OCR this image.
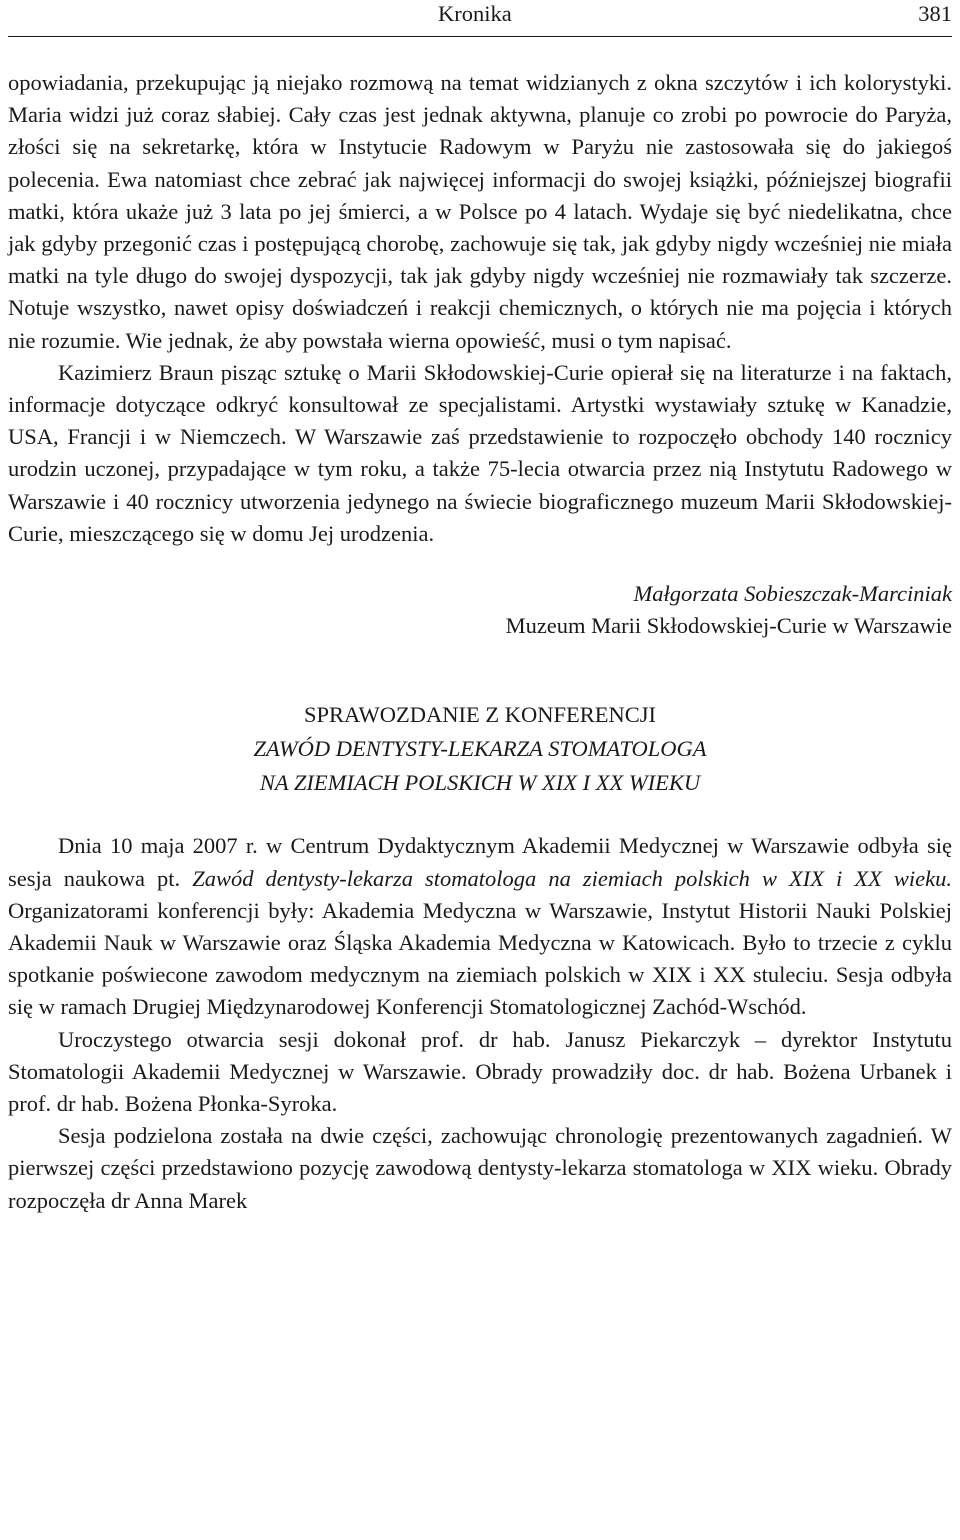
Kronika	381

opowiadania, przekupując ją niejako rozmową na temat widzianych z okna szczytów i ich kolorystyki. Maria widzi już coraz słabiej. Cały czas jest jednak aktywna, planuje co zrobi po powrocie do Paryża, złości się na sekretarkę, która w Instytucie Radowym w Paryżu nie zastosowała się do jakiegoś polecenia. Ewa natomiast chce zebrać jak najwięcej informacji do swojej książki, późniejszej biografii matki, która ukaże już 3 lata po jej śmierci, a w Polsce po 4 latach. Wydaje się być niedelikatna, chce jak gdyby przegonić czas i postępującą chorobę, zachowuje się tak, jak gdyby nigdy wcześniej nie miała matki na tyle długo do swojej dyspozycji, tak jak gdyby nigdy wcześniej nie rozmawiały tak szczerze. Notuje wszystko, nawet opisy doświadczeń i reakcji chemicznych, o których nie ma pojęcia i których nie rozumie. Wie jednak, że aby powstała wierna opowieść, musi o tym napisać.

Kazimierz Braun pisząc sztukę o Marii Skłodowskiej-Curie opierał się na literaturze i na faktach, informacje dotyczące odkryć konsultował ze specjalistami. Artystki wystawiały sztukę w Kanadzie, USA, Francji i w Niemczech. W Warszawie zaś przedstawienie to rozpoczęło obchody 140 rocznicy urodzin uczonej, przypadające w tym roku, a także 75-lecia otwarcia przez nią Instytutu Radowego w Warszawie i 40 rocznicy utworzenia jedynego na świecie biograficznego muzeum Marii Skłodowskiej-Curie, mieszczącego się w domu Jej urodzenia.

Małgorzata Sobieszczak-Marciniak
Muzeum Marii Skłodowskiej-Curie w Warszawie
SPRAWOZDANIE Z KONFERENCJI
ZAWÓD DENTYSTY-LEKARZA STOMATOLOGA
NA ZIEMIACH POLSKICH W XIX I XX WIEKU

Dnia 10 maja 2007 r. w Centrum Dydaktycznym Akademii Medycznej w Warszawie odbyła się sesja naukowa pt. Zawód dentysty-lekarza stomatologa na ziemiach polskich w XIX i XX wieku. Organizatorami konferencji były: Akademia Medyczna w Warszawie, Instytut Historii Nauki Polskiej Akademii Nauk w Warszawie oraz Śląska Akademia Medyczna w Katowicach. Było to trzecie z cyklu spotkanie poświecone zawodom medycznym na ziemiach polskich w XIX i XX stuleciu. Sesja odbyła się w ramach Drugiej Międzynarodowej Konferencji Stomatologicznej Zachód-Wschód.

Uroczystego otwarcia sesji dokonał prof. dr hab. Janusz Piekarczyk – dyrektor Instytutu Stomatologii Akademii Medycznej w Warszawie. Obrady prowadziły doc. dr hab. Bożena Urbanek i prof. dr hab. Bożena Płonka-Syroka.

Sesja podzielona została na dwie części, zachowując chronologię prezentowanych zagadnień. W pierwszej części przedstawiono pozycję zawodową dentysty-lekarza stomatologa w XIX wieku. Obrady rozpoczęła dr Anna Marek
